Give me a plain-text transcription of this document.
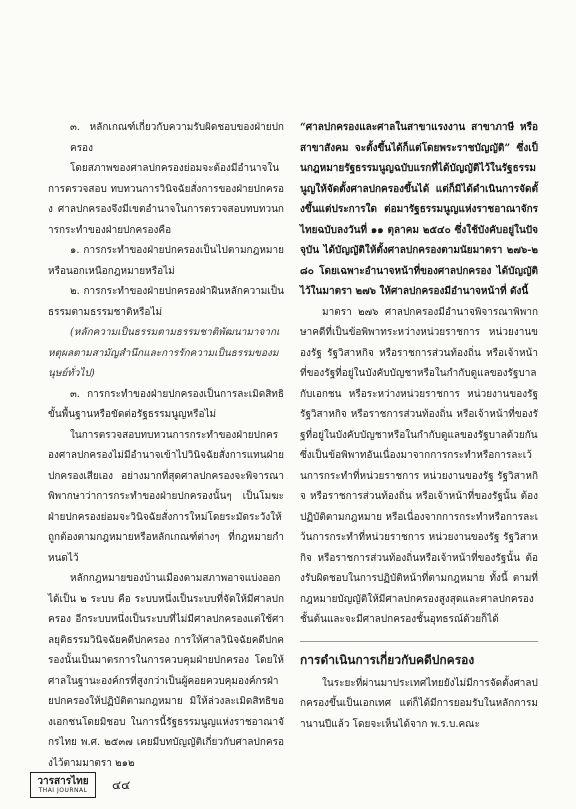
๓. หลักเกณฑ์เกี่ยวกับความรับผิดชอบของฝ่ายปกครอง

โดยสภาพของศาลปกครองย่อมจะต้องมีอำนาจในการตรวจสอบ ทบทวนการวินิจฉัยสั่งการของฝ่ายปกครอง ศาลปกครองจึงมีเขตอำนาจในการตรวจสอบทบทวนการกระทำของฝ่ายปกครองคือ

๑. การกระทำของฝ่ายปกครองเป็นไปตามกฎหมายหรือนอกเหนือกฎหมายหรือไม่

๒. การกระทำของฝ่ายปกครองฝ่าฝืนหลักความเป็นธรรมตามธรรมชาติหรือไม่

(หลักความเป็นธรรมตามธรรมชาติพัฒนามาจากเหตุผลตามสามัญสำนึกและการรักความเป็นธรรมของมนุษย์ทั่วไป)

๓. การกระทำของฝ่ายปกครองเป็นการละเมิดสิทธิขั้นพื้นฐานหรือขัดต่อรัฐธรรมนูญหรือไม่

ในการตรวจสอบทบทวนการกระทำของฝ่ายปกครองศาลปกครองไม่มีอำนาจเข้าไปวินิจฉัยสั่งการแทนฝ่ายปกครองเสียเอง อย่างมากที่สุดศาลปกครองจะพิจารณาพิพากษาว่าการกระทำของฝ่ายปกครองนั้นๆ เป็นโมฆะ ฝ่ายปกครองย่อมจะวินิจฉัยสั่งการใหม่โดยระมัดระวังให้ถูกต้องตามกฎหมายหรือหลักเกณฑ์ต่างๆ ที่กฎหมายกำหนดไว้

หลักกฎหมายของบ้านเมืองตามสภาพอาจแบ่งออกได้เป็น ๒ ระบบ คือ ระบบหนึ่งเป็นระบบที่จัดให้มีศาลปกครอง อีกระบบหนึ่งเป็นระบบที่ไม่มีศาลปกครองแต่ใช้ศาลยุติธรรมวินิจฉัยคดีปกครอง การให้ศาลวินิจฉัยคดีปกครองนั้นเป็นมาตรการในการควบคุมฝ่ายปกครอง โดยให้ศาลในฐานะองค์กรที่สูงกว่าเป็นผู้คอยควบคุมองค์กรฝ่ายปกครองให้ปฏิบัติตามกฎหมาย มิให้ล่วงละเมิดสิทธิของเอกชนโดยมิชอบ ในการนี้รัฐธรรมนูญแห่งราชอาณาจักรไทย พ.ศ. ๒๕๓๗ เคยมีบทบัญญัติเกี่ยวกับศาลปกครองไว้ตามมาตรา ๒๑๒

“ศาลปกครองและศาลในสาขาแรงงาน สาขาภาษี หรือสาขาสังคม จะตั้งขึ้นได้ก็แต่โดยพระราชบัญญัติ” ซึ่งเป็นกฎหมายรัฐธรรมนูญฉบับแรกที่ได้บัญญัติไว้ในรัฐธรรมนูญให้จัดตั้งศาลปกครองขึ้นได้ แต่ก็มิได้ดำเนินการจัดตั้งขึ้นแต่ประการใด ต่อมารัฐธรรมนูญแห่งราชอาณาจักรไทยฉบับลงวันที่ ๑๑ ตุลาคม ๒๕๔๐ ซึ่งใช้บังคับอยู่ในปัจจุบัน ได้บัญญัติให้ตั้งศาลปกครองตามนัยมาตรา ๒๗๖-๒๘๐ โดยเฉพาะอำนาจหน้าที่ของศาลปกครอง ได้บัญญัติไว้ในมาตรา ๒๗๖ ให้ศาลปกครองมีอำนาจหน้าที่ ดังนี้

มาตรา ๒๗๖ ศาลปกครองมีอำนาจพิจารณาพิพากษาคดีที่เป็นข้อพิพาทระหว่างหน่วยราชการ หน่วยงานของรัฐ รัฐวิสาหกิจ หรือราชการส่วนท้องถิ่น หรือเจ้าหน้าที่ของรัฐที่อยู่ในบังคับบัญชาหรือในกำกับดูแลของรัฐบาลกับเอกชน หรือระหว่างหน่วยราชการ หน่วยงานของรัฐ รัฐวิสาหกิจ หรือราชการส่วนท้องถิ่น หรือเจ้าหน้าที่ของรัฐที่อยู่ในบังคับบัญชาหรือในกำกับดูแลของรัฐบาลด้วยกัน ซึ่งเป็นข้อพิพาทอันเนื่องมาจากการกระทำหรือการละเว้นการกระทำที่หน่วยราชการ หน่วยงานของรัฐ รัฐวิสาหกิจ หรือราชการส่วนท้องถิ่น หรือเจ้าหน้าที่ของรัฐนั้น ต้องปฏิบัติตามกฎหมาย หรือเนื่องจากการกระทำหรือการละเว้นการกระทำที่หน่วยราชการ หน่วยงานของรัฐ รัฐวิสาหกิจ หรือราชการส่วนท้องถิ่นหรือเจ้าหน้าที่ของรัฐนั้น ต้องรับผิดชอบในการปฏิบัติหน้าที่ตามกฎหมาย ทั้งนี้ ตามที่กฎหมายบัญญัติให้มีศาลปกครองสูงสุดและศาลปกครองชั้นต้นและจะมีศาลปกครองชั้นอุทธรณ์ด้วยก็ได้

การดำเนินการเกี่ยวกับคดีปกครอง

ในระยะที่ผ่านมาประเทศไทยยังไม่มีการจัดตั้งศาลปกครองขึ้นเป็นเอกเทศ แต่ก็ได้มีการยอมรับในหลักการมานานปีแล้ว โดยจะเห็นได้จาก พ.ร.บ.คณะ

วารสารไทย
THAI JOURNAL ๔๔
